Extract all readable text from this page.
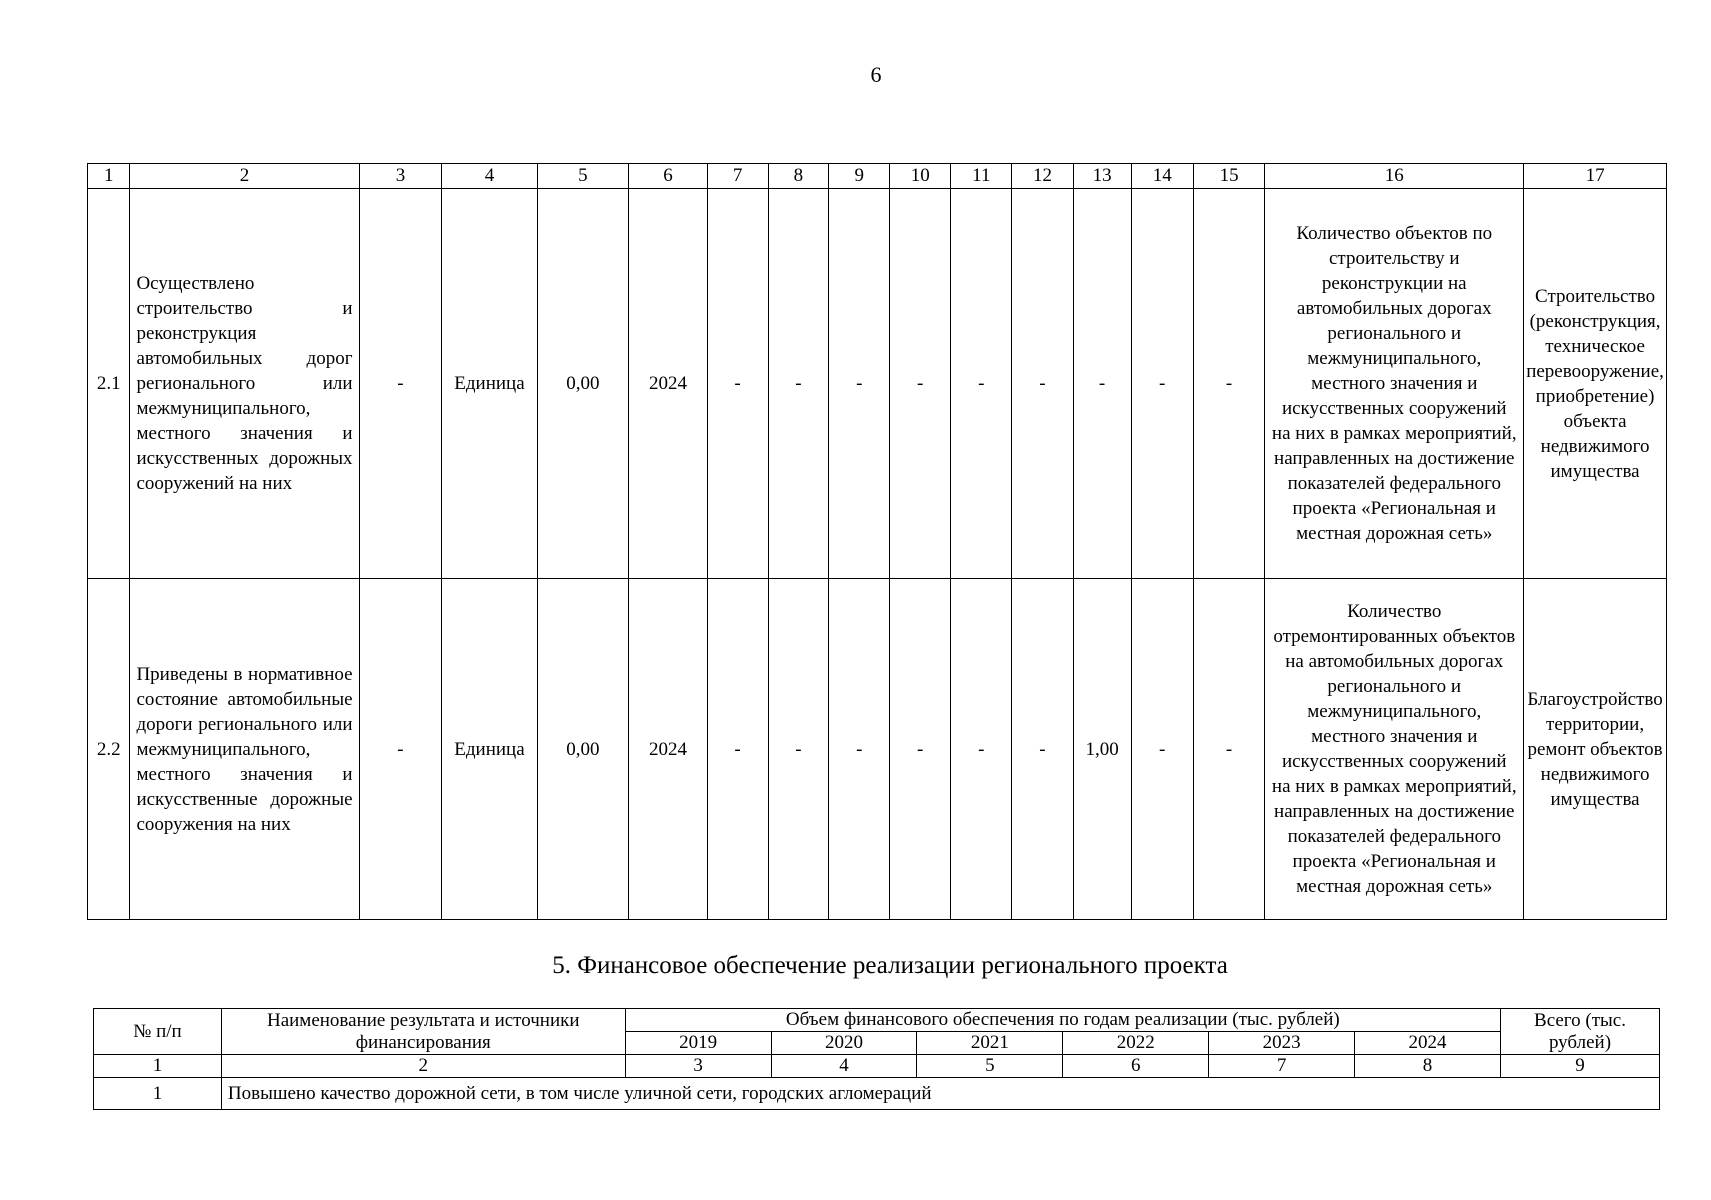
6
1	2	3	4	5	6	7	8	9	10	11	12	13	14	15	16	17
2.1	Осуществлено строительство и реконструкция автомобильных дорог регионального или межмуниципального, местного значения и искусственных дорожных сооружений на них	-	Единица	0,00	2024	-	-	-	-	-	-	-	-	-	Количество объектов по строительству и реконструкции на автомобильных дорогах регионального и межмуниципального, местного значения и искусственных сооружений на них в рамках мероприятий, направленных на достижение показателей федерального проекта «Региональная и местная дорожная сеть»	Строительство (реконструкция, техническое перевооружение, приобретение) объекта недвижимого имущества
2.2	Приведены в нормативное состояние автомобильные дороги регионального или межмуниципального, местного значения и искусственные дорожные сооружения на них	-	Единица	0,00	2024	-	-	-	-	-	-	1,00	-	-	Количество отремонтированных объектов на автомобильных дорогах регионального и межмуниципального, местного значения и искусственных сооружений на них в рамках мероприятий, направленных на достижение показателей федерального проекта «Региональная и местная дорожная сеть»	Благоустройство территории, ремонт объектов недвижимого имущества
5. Финансовое обеспечение реализации регионального проекта
№ п/п	Наименование результата и источники финансирования	Объем финансового обеспечения по годам реализации (тыс. рублей)						Всего (тыс. рублей)
		2019	2020	2021	2022	2023	2024	
1	2	3	4	5	6	7	8	9
1	Повышено качество дорожной сети, в том числе уличной сети, городских агломераций							
